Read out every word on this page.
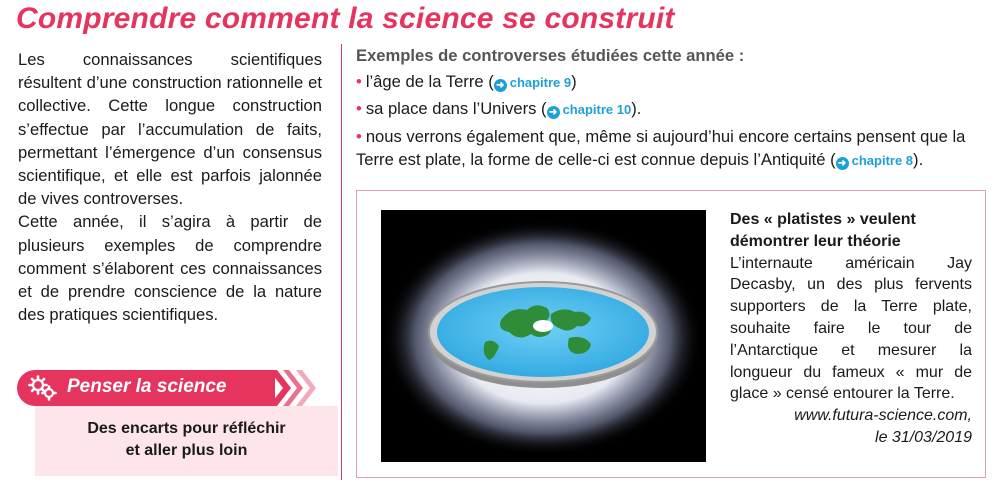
Comprendre comment la science se construit

Les connaissances scientifiques résultent d’une construction rationnelle et collective. Cette longue construction s’effectue par l’accumulation de faits, permettant l’émergence d’un consensus scientifique, et elle est parfois jalonnée de vives controverses.

Cette année, il s’agira à partir de plusieurs exemples de comprendre comment s’élaborent ces connaissances et de prendre conscience de la nature des pratiques scientifiques.

Exemples de controverses étudiées cette année :
• l’âge de la Terre ( ➜ chapitre 9)
• sa place dans l’Univers ( ➜ chapitre 10).
• nous verrons également que, même si aujourd’hui encore certains pensent que la Terre est plate, la forme de celle-ci est connue depuis l’Antiquité ( ➜ chapitre 8).
Des « platistes » veulent démontrer leur théorie
L’internaute américain Jay Decasby, un des plus fervents supporters de la Terre plate, souhaite faire le tour de l’Antarctique et mesurer la longueur du fameux « mur de glace » censé entourer la Terre.
www.futura-science.com,
le 31/03/2019
Penser la science
Des encarts pour réfléchir
et aller plus loin
